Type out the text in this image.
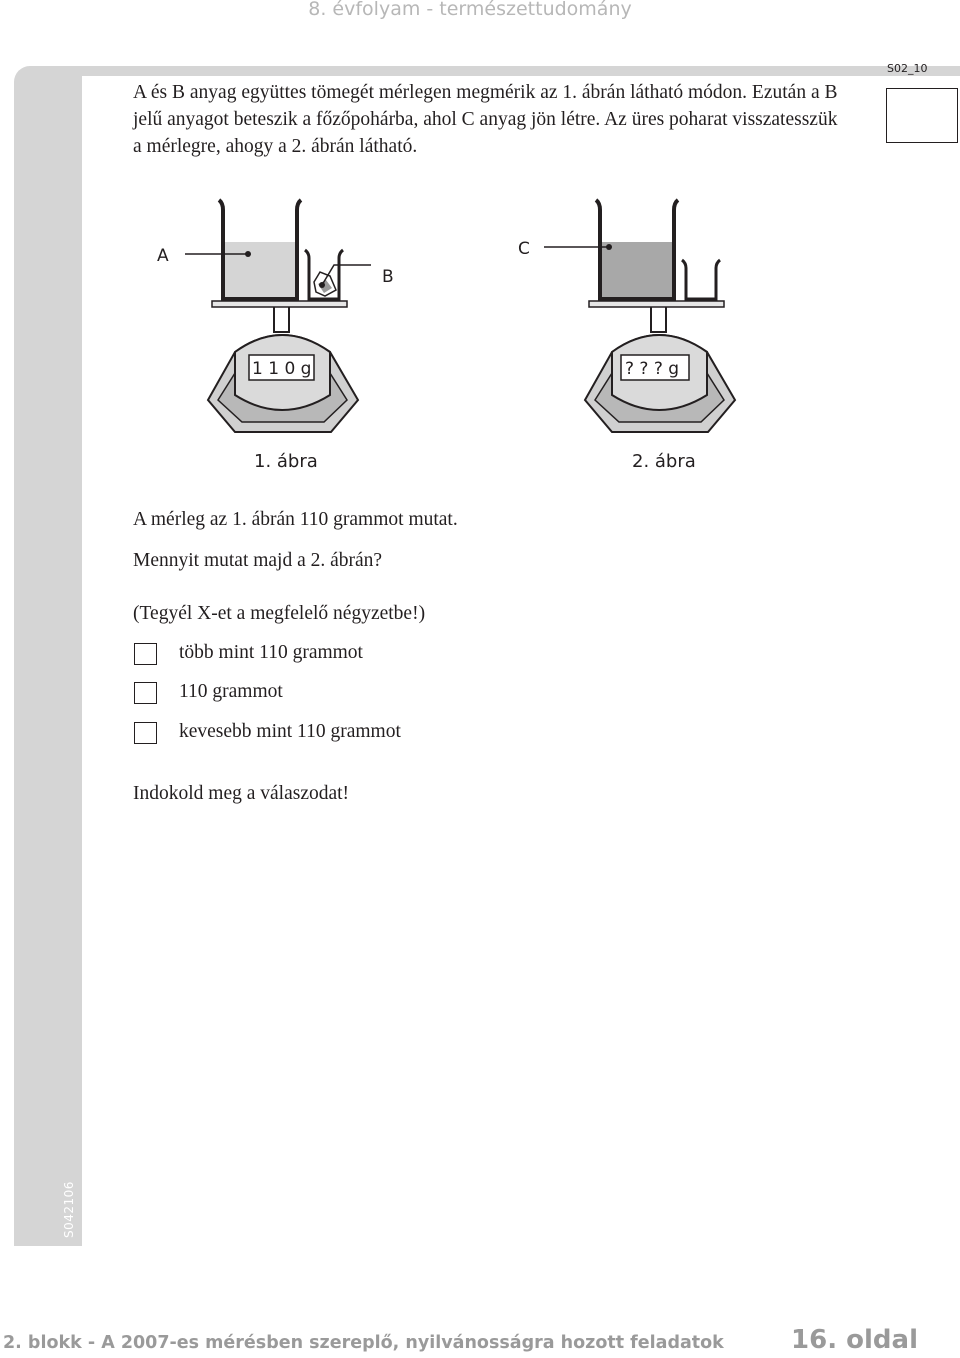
8. évfolyam - természettudomány
S042106
S02_10
A és B anyag együttes tömegét mérlegen megmérik az 1. ábrán látható módon. Ezután a B jelű anyagot beteszik a főzőpohárba, ahol C anyag jön létre. Az üres poharat visszatesszük a mérlegre, ahogy a 2. ábrán látható.
1 1 0 g
A
B
1. ábra
? ? ? g
C
2. ábra
A mérleg az 1. ábrán 110 grammot mutat.
Mennyit mutat majd a 2. ábrán?
(Tegyél X-et a megfelelő négyzetbe!)
több mint 110 grammot
110 grammot
kevesebb mint 110 grammot
Indokold meg a válaszodat!
2. blokk - A 2007-es mérésben szereplő, nyilvánosságra hozott feladatok	16. oldal
